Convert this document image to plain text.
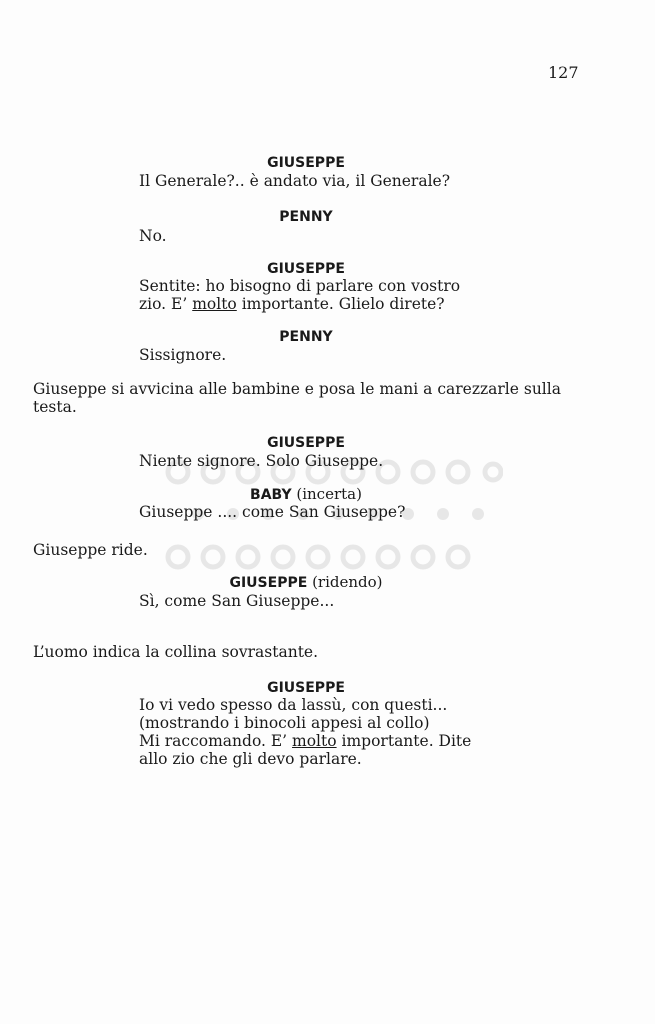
127
GIUSEPPE
Il Generale?.. è andato via, il Generale?
PENNY
No.
GIUSEPPE
Sentite: ho bisogno di parlare con vostro
zio. E’ molto importante. Glielo direte?
PENNY
Sissignore.
Giuseppe si avvicina alle bambine e posa le mani a carezzarle sulla testa.
GIUSEPPE
Niente signore. Solo Giuseppe.
BABY (incerta)
Giuseppe .... come San Giuseppe?
Giuseppe ride.
GIUSEPPE (ridendo)
Sì, come San Giuseppe...
L’uomo indica la collina sovrastante.
GIUSEPPE
Io vi vedo spesso da lassù, con questi...
(mostrando i binocoli appesi al collo)
Mi raccomando. E’ molto importante. Dite
allo zio che gli devo parlare.
